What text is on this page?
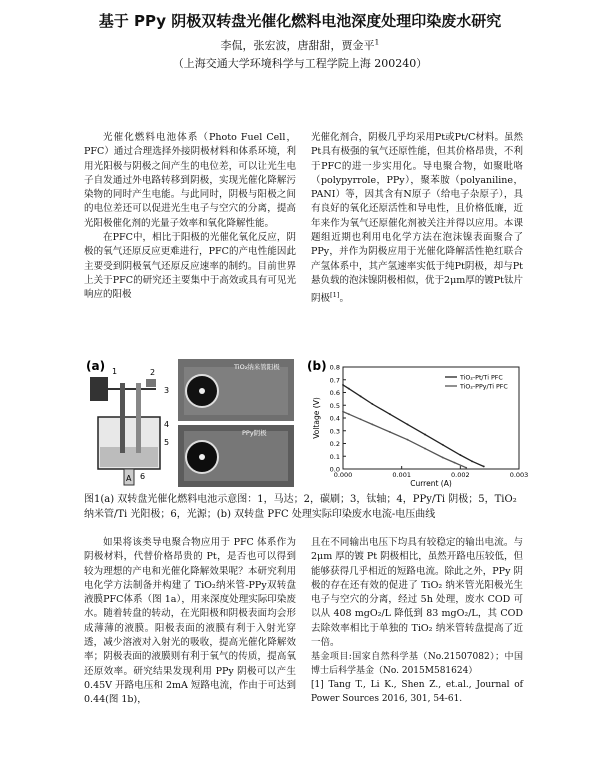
基于 PPy 阴极双转盘光催化燃料电池深度处理印染废水研究
李侃，张宏波，唐甜甜，贾金平$^1$
（上海交通大学环境科学与工程学院上海 200240）

光催化燃料电池体系（Photo Fuel Cell，PFC）通过合理选择外接阴极材料和体系环境，利用光阳极与阴极之间产生的电位差，可以让光生电子自发通过外电路转移到阴极，实现光催化降解污染物的同时产生电能。与此同时，阴极与阳极之间的电位差还可以促进光生电子与空穴的分离，提高光阳极催化剂的光量子效率和氧化降解性能。

在PFC中，相比于阳极的光催化氧化反应，阴极的氧气还原反应更难进行，PFC的产电性能因此主要受到阴极氧气还原反应速率的制约。目前世界上关于PFC的研究还主要集中于高效或具有可见光响应的阳极

光催化剂合，阴极几乎均采用Pt或Pt/C材料。虽然Pt具有极强的氧气还原性能，但其价格昂贵，不利于PFC的进一步实用化。导电聚合物，如聚吡咯（polypyrrole，PPy），聚苯胺（polyaniline，PANI）等，因其含有N原子（给电子杂原子），具有良好的氧化还原活性和导电性，且价格低廉，近年来作为氧气还原催化剂被关注并得以应用。本课题组近期也利用电化学方法在泡沫镍表面聚合了PPy，并作为阴极应用于光催化降解活性艳红联合产氢体系中，其产氢速率实低于纯Pt阴极，却与Pt悬负载的泡沫镍阴极相似，优于2μm厚的镀Pt钛片阴极[1]。

(a)
A
1	2
3
4
5
6
TiO₂纳米管阳极
PPy阴极
(b)
0.0
0.1
0.2
0.3
0.4
0.5
0.6
0.7
0.8
0.000	0.001	0.002	0.003
Current (A)
Voltage (V)
TiO₂-Pt/Ti PFC
TiO₂-PPy/Ti PFC
图1(a) 双转盘光催化燃料电池示意图：1，马达；2，碳刷；3，钛轴；4，PPy/Ti 阴极；5，TiO₂纳米管/Ti 光阳极；6，光源；(b) 双转盘 PFC 处理实际印染废水电流-电压曲线

如果将该类导电聚合物应用于 PFC 体系作为阴极材料，代替价格昂贵的 Pt，是否也可以得到较为理想的产电和光催化降解效果呢？本研究利用电化学方法制备并构建了 TiO₂纳米管-PPy双转盘液膜PFC体系（图 1a），用来深度处理实际印染废水。随着转盘的转动，在光阳极和阴极表面均会形成薄薄的液膜。阳极表面的液膜有利于入射光穿透，减少溶液对入射光的吸收，提高光催化降解效率；阴极表面的液膜则有利于氧气的传质，提高氧还原效率。研究结果发现利用 PPy 阴极可以产生 0.45V 开路电压和 2mA 短路电流，作由于可达到 0.44(图 1b)，

且在不同输出电压下均具有较稳定的输出电流。与 2μm 厚的镀 Pt 阴极相比，虽然开路电压较低，但能够获得几乎相近的短路电流。除此之外，PPy 阴极的存在还有效的促进了 TiO₂ 纳米管光阳极光生电子与空穴的分离，经过 5h 处理，废水 COD 可以从 408 mgO₂/L 降低到 83 mgO₂/L，其 COD 去除效率相比于单独的 TiO₂ 纳米管转盘提高了近一倍。

基金项目:国家自然科学基（No.21507082）；中国博士后科学基金（No. 2015M581624）

[1] Tang T., Li K., Shen Z., et.al., Journal of Power Sources 2016, 301, 54-61.
